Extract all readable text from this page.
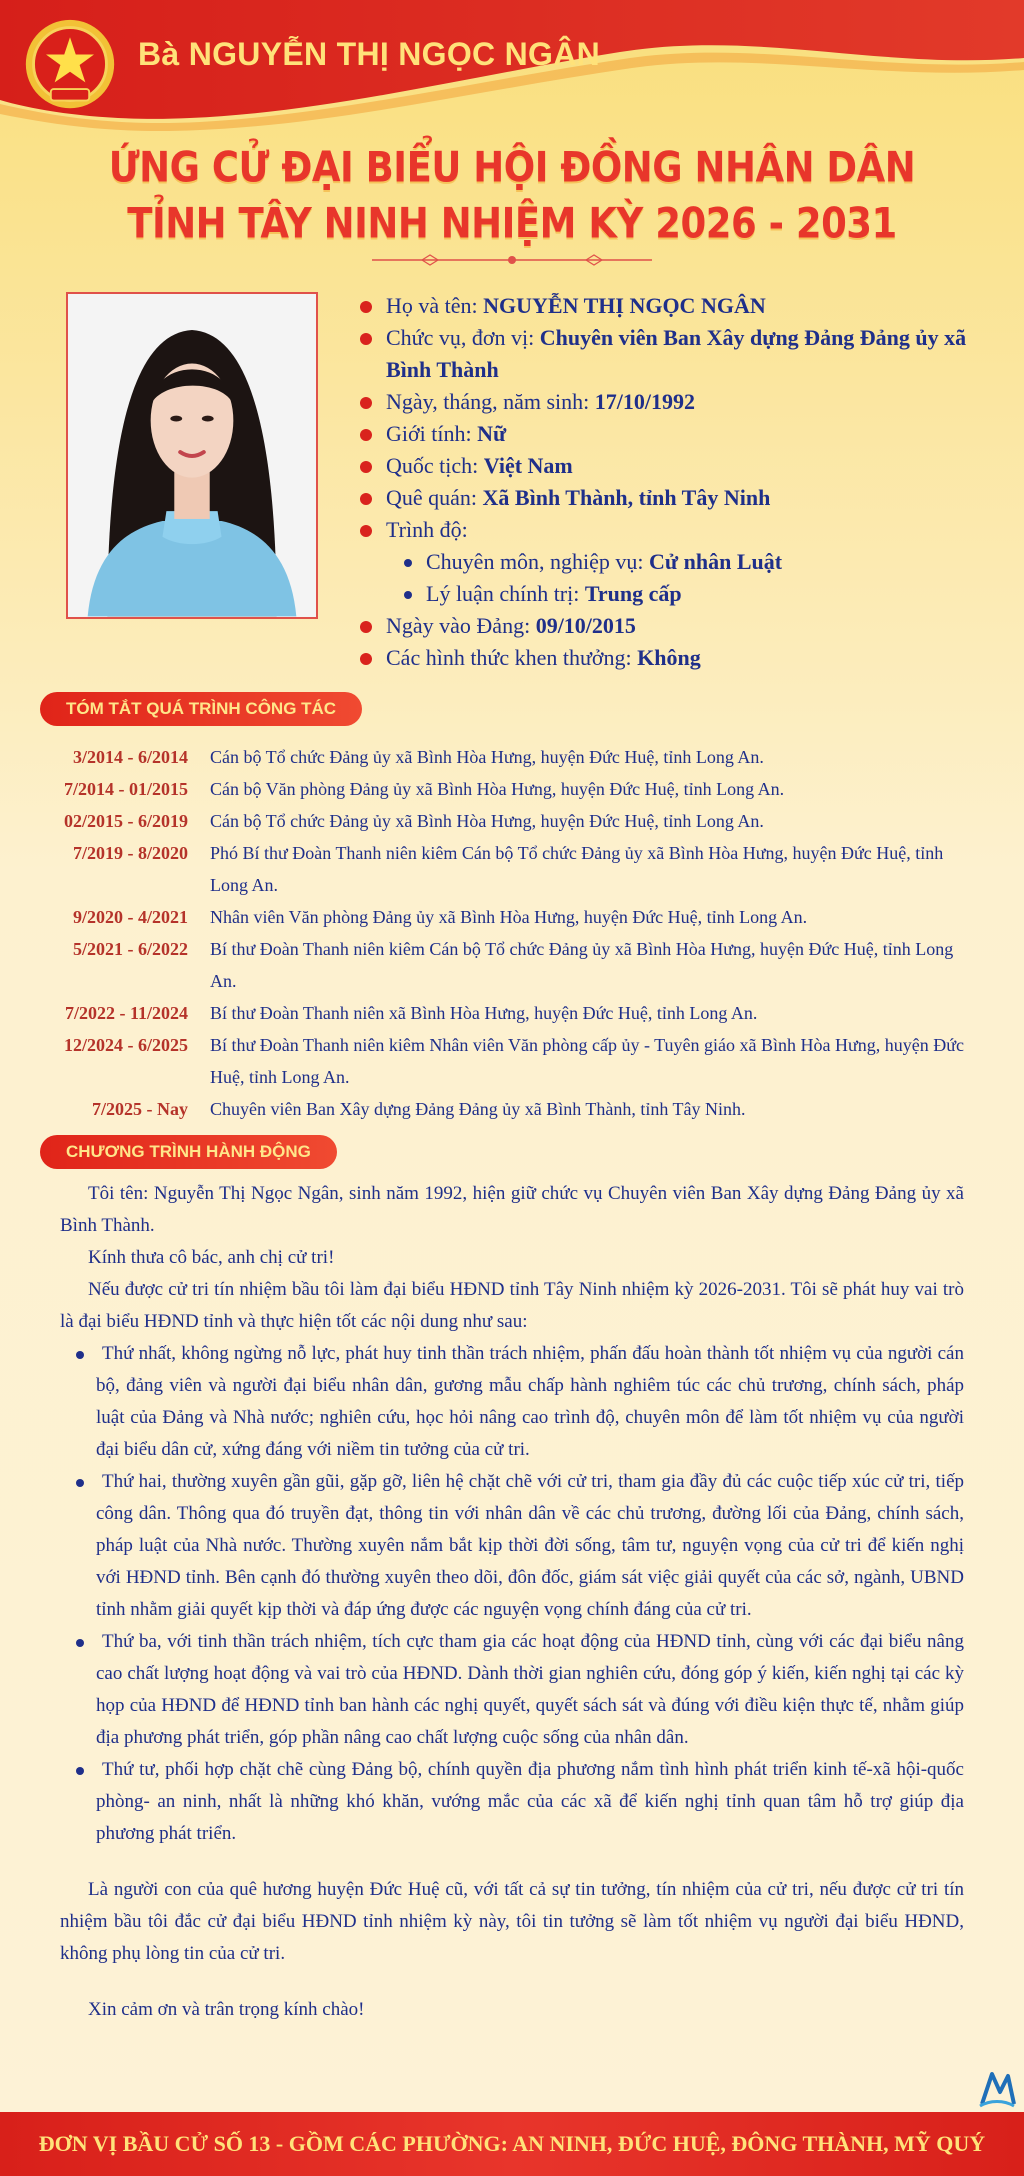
Bà NGUYỄN THỊ NGỌC NGÂN
ỨNG CỬ ĐẠI BIỂU HỘI ĐỒNG NHÂN DÂN
TỈNH TÂY NINH NHIỆM KỲ 2026 - 2031
Họ và tên: NGUYỄN THỊ NGỌC NGÂN
Chức vụ, đơn vị: Chuyên viên Ban Xây dựng Đảng Đảng ủy xã Bình Thành
Ngày, tháng, năm sinh: 17/10/1992
Giới tính: Nữ
Quốc tịch: Việt Nam
Quê quán: Xã Bình Thành, tỉnh Tây Ninh
Trình độ:
Chuyên môn, nghiệp vụ: Cử nhân Luật
Lý luận chính trị: Trung cấp
Ngày vào Đảng: 09/10/2015
Các hình thức khen thưởng: Không
TÓM TẮT QUÁ TRÌNH CÔNG TÁC
3/2014 - 6/2014 Cán bộ Tổ chức Đảng ủy xã Bình Hòa Hưng, huyện Đức Huệ, tỉnh Long An.
7/2014 - 01/2015 Cán bộ Văn phòng Đảng ủy xã Bình Hòa Hưng, huyện Đức Huệ, tỉnh Long An.
02/2015 - 6/2019 Cán bộ Tổ chức Đảng ủy xã Bình Hòa Hưng, huyện Đức Huệ, tỉnh Long An.
7/2019 - 8/2020 Phó Bí thư Đoàn Thanh niên kiêm Cán bộ Tổ chức Đảng ủy xã Bình Hòa Hưng, huyện Đức Huệ, tỉnh Long An.
9/2020 - 4/2021 Nhân viên Văn phòng Đảng ủy xã Bình Hòa Hưng, huyện Đức Huệ, tỉnh Long An.
5/2021 - 6/2022 Bí thư Đoàn Thanh niên kiêm Cán bộ Tổ chức Đảng ủy xã Bình Hòa Hưng, huyện Đức Huệ, tỉnh Long An.
7/2022 - 11/2024 Bí thư Đoàn Thanh niên xã Bình Hòa Hưng, huyện Đức Huệ, tỉnh Long An.
12/2024 - 6/2025 Bí thư Đoàn Thanh niên kiêm Nhân viên Văn phòng cấp ủy - Tuyên giáo xã Bình Hòa Hưng, huyện Đức Huệ, tỉnh Long An.
7/2025 - Nay Chuyên viên Ban Xây dựng Đảng Đảng ủy xã Bình Thành, tỉnh Tây Ninh.
CHƯƠNG TRÌNH HÀNH ĐỘNG

Tôi tên: Nguyễn Thị Ngọc Ngân, sinh năm 1992, hiện giữ chức vụ Chuyên viên Ban Xây dựng Đảng Đảng ủy xã Bình Thành.

Kính thưa cô bác, anh chị cử tri!

Nếu được cử tri tín nhiệm bầu tôi làm đại biểu HĐND tỉnh Tây Ninh nhiệm kỳ 2026-2031. Tôi sẽ phát huy vai trò là đại biểu HĐND tỉnh và thực hiện tốt các nội dung như sau:

Thứ nhất, không ngừng nỗ lực, phát huy tinh thần trách nhiệm, phấn đấu hoàn thành tốt nhiệm vụ của người cán bộ, đảng viên và người đại biểu nhân dân, gương mẫu chấp hành nghiêm túc các chủ trương, chính sách, pháp luật của Đảng và Nhà nước; nghiên cứu, học hỏi nâng cao trình độ, chuyên môn để làm tốt nhiệm vụ của người đại biểu dân cử, xứng đáng với niềm tin tưởng của cử tri.

Thứ hai, thường xuyên gần gũi, gặp gỡ, liên hệ chặt chẽ với cử tri, tham gia đầy đủ các cuộc tiếp xúc cử tri, tiếp công dân. Thông qua đó truyền đạt, thông tin với nhân dân về các chủ trương, đường lối của Đảng, chính sách, pháp luật của Nhà nước. Thường xuyên nắm bắt kịp thời đời sống, tâm tư, nguyện vọng của cử tri để kiến nghị với HĐND tỉnh. Bên cạnh đó thường xuyên theo dõi, đôn đốc, giám sát việc giải quyết của các sở, ngành, UBND tỉnh nhằm giải quyết kịp thời và đáp ứng được các nguyện vọng chính đáng của cử tri.

Thứ ba, với tinh thần trách nhiệm, tích cực tham gia các hoạt động của HĐND tỉnh, cùng với các đại biểu nâng cao chất lượng hoạt động và vai trò của HĐND. Dành thời gian nghiên cứu, đóng góp ý kiến, kiến nghị tại các kỳ họp của HĐND để HĐND tỉnh ban hành các nghị quyết, quyết sách sát và đúng với điều kiện thực tế, nhằm giúp địa phương phát triển, góp phần nâng cao chất lượng cuộc sống của nhân dân.

Thứ tư, phối hợp chặt chẽ cùng Đảng bộ, chính quyền địa phương nắm tình hình phát triển kinh tế-xã hội-quốc phòng- an ninh, nhất là những khó khăn, vướng mắc của các xã để kiến nghị tỉnh quan tâm hỗ trợ giúp địa phương phát triển.

Là người con của quê hương huyện Đức Huệ cũ, với tất cả sự tin tưởng, tín nhiệm của cử tri, nếu được cử tri tín nhiệm bầu tôi đắc cử đại biểu HĐND tỉnh nhiệm kỳ này, tôi tin tưởng sẽ làm tốt nhiệm vụ người đại biểu HĐND, không phụ lòng tin của cử tri.

Xin cảm ơn và trân trọng kính chào!

ĐƠN VỊ BẦU CỬ SỐ 13 - GỒM CÁC PHƯỜNG: AN NINH, ĐỨC HUỆ, ĐÔNG THÀNH, MỸ QUÝ
